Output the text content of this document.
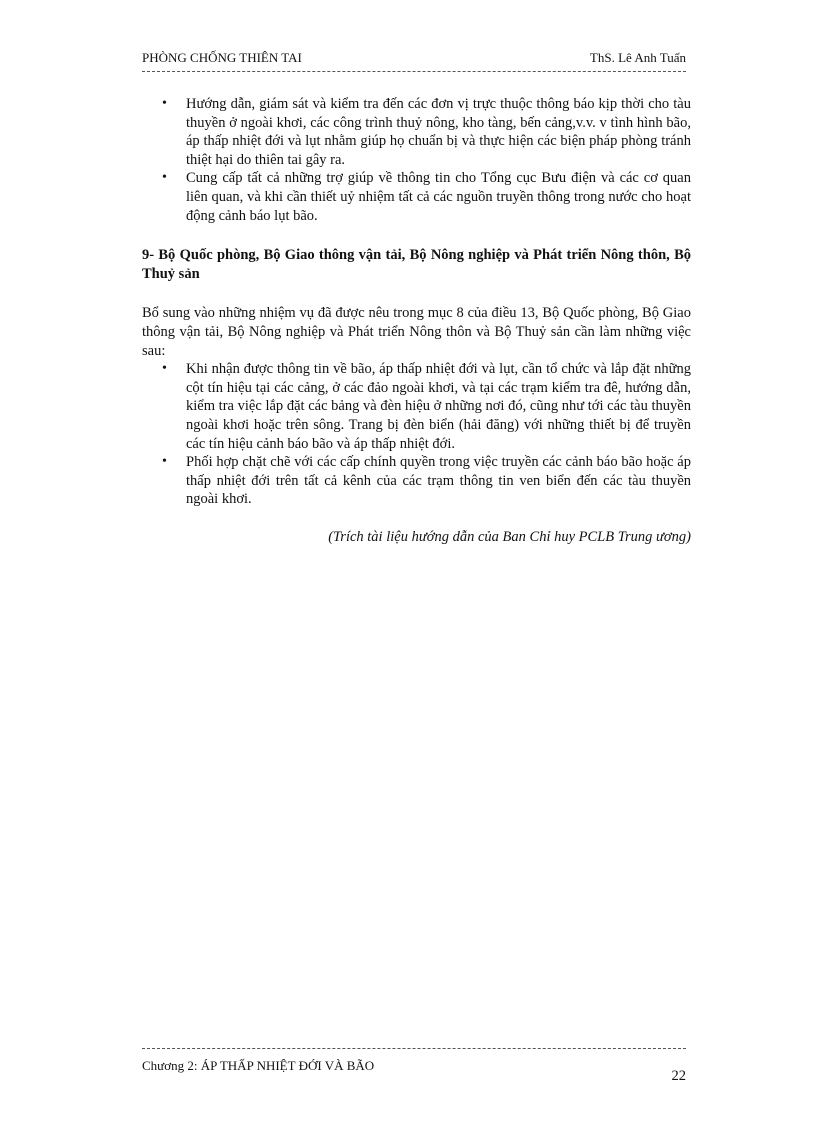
PHÒNG CHỐNG THIÊN TAI	ThS. Lê Anh Tuấn
• Hướng dẫn, giám sát và kiểm tra đến các đơn vị trực thuộc thông báo kịp thời cho tàu thuyền ở ngoài khơi, các công trình thuỷ nông, kho tàng, bến cảng,v.v. v tình hình bão, áp thấp nhiệt đới và lụt nhằm giúp họ chuẩn bị và thực hiện các biện pháp phòng tránh thiệt hại do thiên tai gây ra.
• Cung cấp tất cả những trợ giúp về thông tin cho Tổng cục Bưu điện và các cơ quan liên quan, và khi cần thiết uỷ nhiệm tất cả các nguồn truyền thông trong nước cho hoạt động cảnh báo lụt bão.

9- Bộ Quốc phòng, Bộ Giao thông vận tải, Bộ Nông nghiệp và Phát triển Nông thôn, Bộ Thuỷ sản

Bổ sung vào những nhiệm vụ đã được nêu trong mục 8 của điều 13, Bộ Quốc phòng, Bộ Giao thông vận tải, Bộ Nông nghiệp và Phát triển Nông thôn và Bộ Thuỷ sản cần làm những việc sau:

• Khi nhận được thông tin về bão, áp thấp nhiệt đới và lụt, cần tổ chức và lắp đặt những cột tín hiệu tại các cảng, ở các đảo ngoài khơi, và tại các trạm kiểm tra đê, hướng dẫn, kiểm tra việc lắp đặt các bảng và đèn hiệu ở những nơi đó, cũng như tới các tàu thuyền ngoài khơi hoặc trên sông. Trang bị đèn biển (hải đăng) với những thiết bị để truyền các tín hiệu cảnh báo bão và áp thấp nhiệt đới.
• Phối hợp chặt chẽ với các cấp chính quyền trong việc truyền các cảnh báo bão hoặc áp thấp nhiệt đới trên tất cả kênh của các trạm thông tin ven biển đến các tàu thuyền ngoài khơi.

(Trích tài liệu hướng dẫn của Ban Chỉ huy PCLB Trung ương)

Chương 2: ÁP THẤP NHIỆT ĐỚI VÀ BÃO
22
